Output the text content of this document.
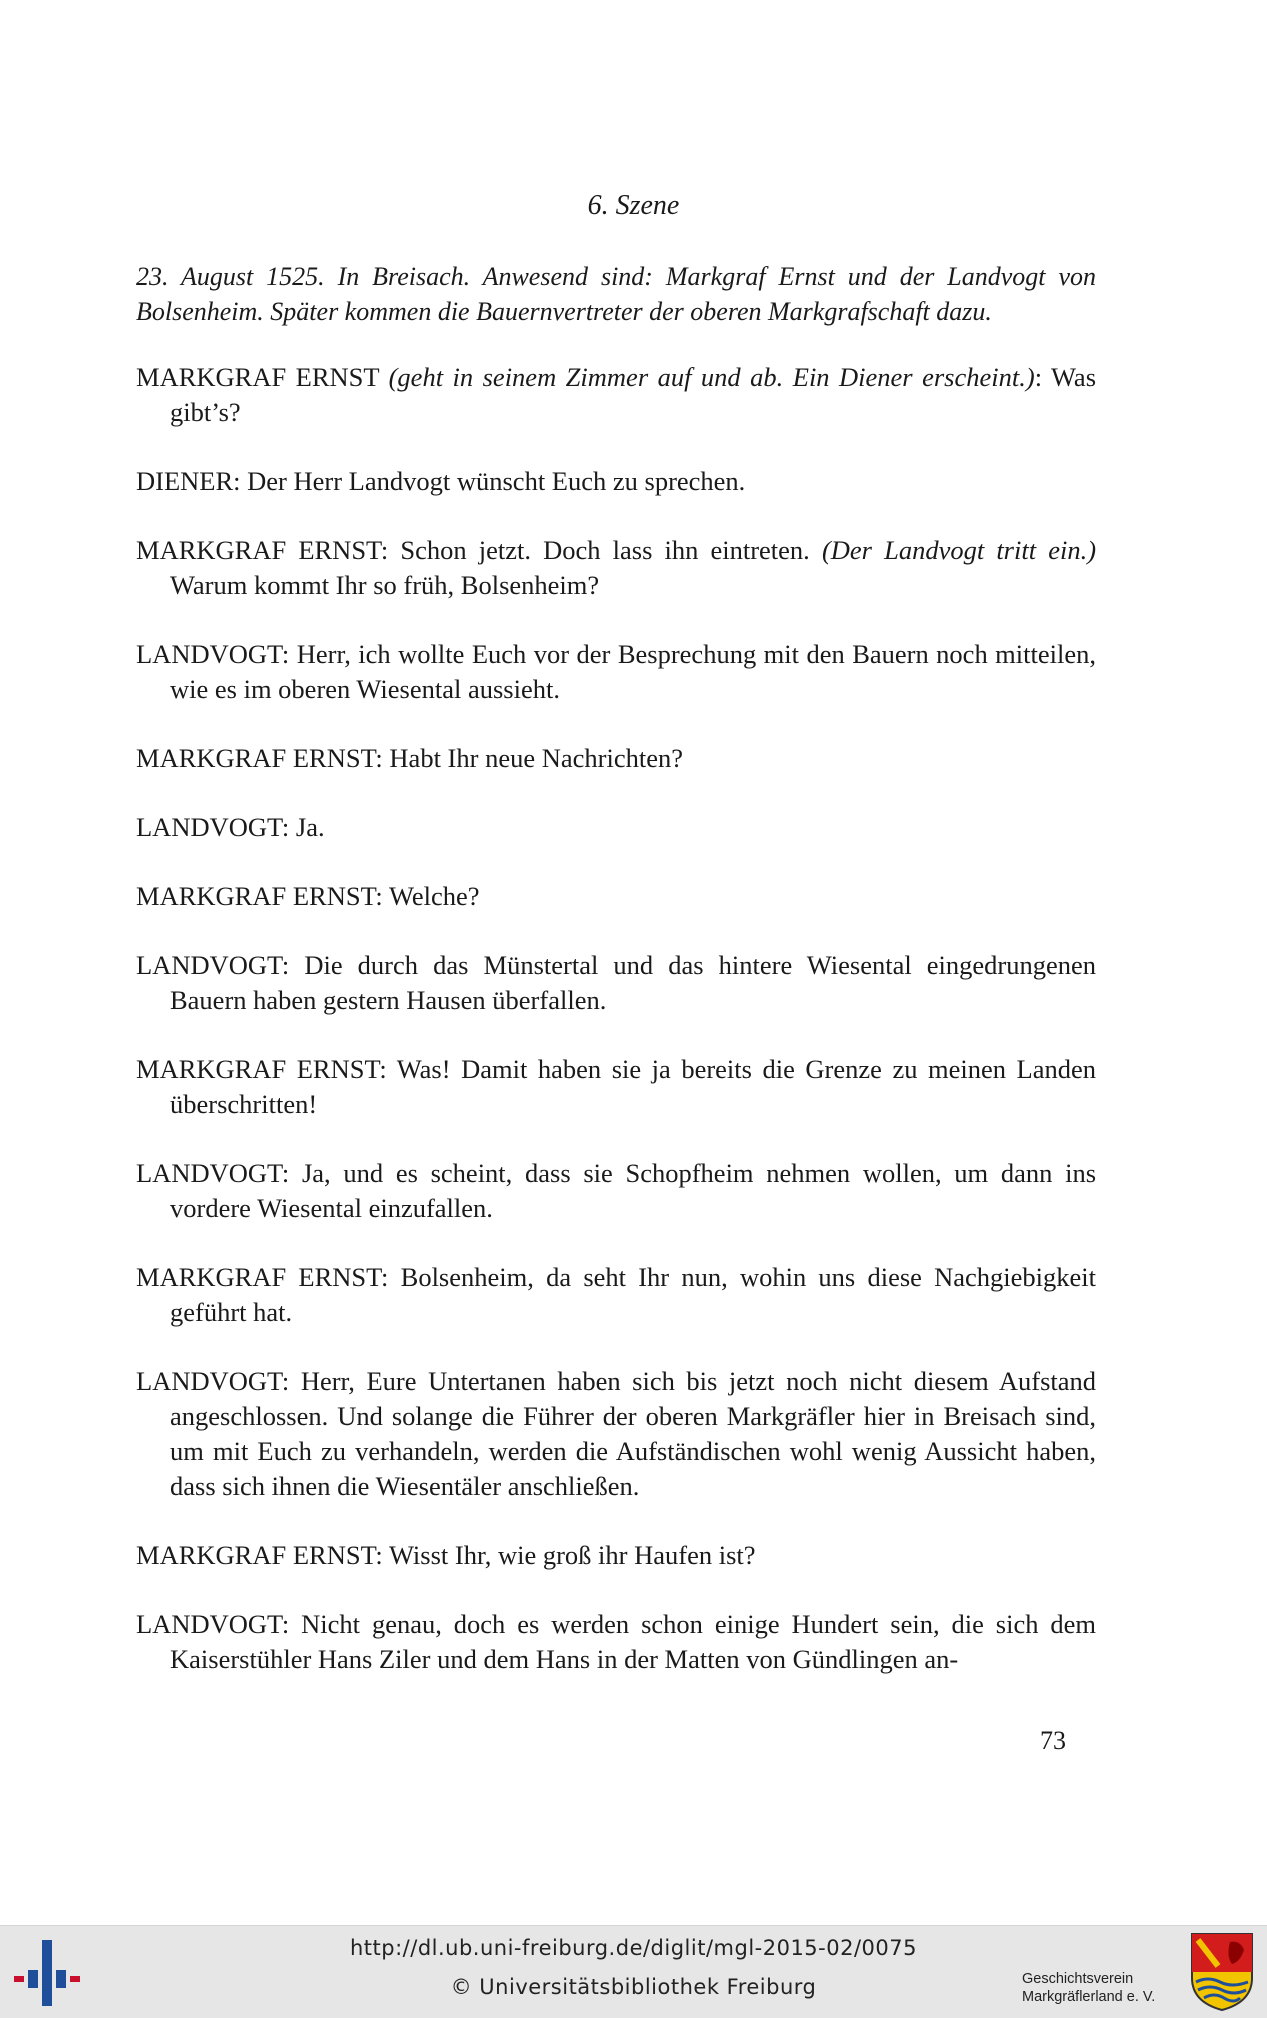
6. Szene
23. August 1525. In Breisach. Anwesend sind: Markgraf Ernst und der Landvogt von Bolsenheim. Später kommen die Bauernvertreter der oberen Markgrafschaft dazu.

MARKGRAF ERNST (geht in seinem Zimmer auf und ab. Ein Diener erscheint.): Was gibt’s?

DIENER: Der Herr Landvogt wünscht Euch zu sprechen.

MARKGRAF ERNST: Schon jetzt. Doch lass ihn eintreten. (Der Landvogt tritt ein.) Warum kommt Ihr so früh, Bolsenheim?

LANDVOGT: Herr, ich wollte Euch vor der Besprechung mit den Bauern noch mitteilen, wie es im oberen Wiesental aussieht.

MARKGRAF ERNST: Habt Ihr neue Nachrichten?

LANDVOGT: Ja.

MARKGRAF ERNST: Welche?

LANDVOGT: Die durch das Münstertal und das hintere Wiesental eingedrungenen Bauern haben gestern Hausen überfallen.

MARKGRAF ERNST: Was! Damit haben sie ja bereits die Grenze zu meinen Landen überschritten!

LANDVOGT: Ja, und es scheint, dass sie Schopfheim nehmen wollen, um dann ins vordere Wiesental einzufallen.

MARKGRAF ERNST: Bolsenheim, da seht Ihr nun, wohin uns diese Nachgiebigkeit geführt hat.

LANDVOGT: Herr, Eure Untertanen haben sich bis jetzt noch nicht diesem Aufstand angeschlossen. Und solange die Führer der oberen Markgräfler hier in Breisach sind, um mit Euch zu verhandeln, werden die Aufständischen wohl wenig Aussicht haben, dass sich ihnen die Wiesentäler anschließen.

MARKGRAF ERNST: Wisst Ihr, wie groß ihr Haufen ist?

LANDVOGT: Nicht genau, doch es werden schon einige Hundert sein, die sich dem Kaiserstühler Hans Ziler und dem Hans in der Matten von Gündlingen an-

73
http://dl.ub.uni-freiburg.de/diglit/mgl-2015-02/0075
© Universitätsbibliothek Freiburg	Geschichtsverein
Markgräflerland e. V.
